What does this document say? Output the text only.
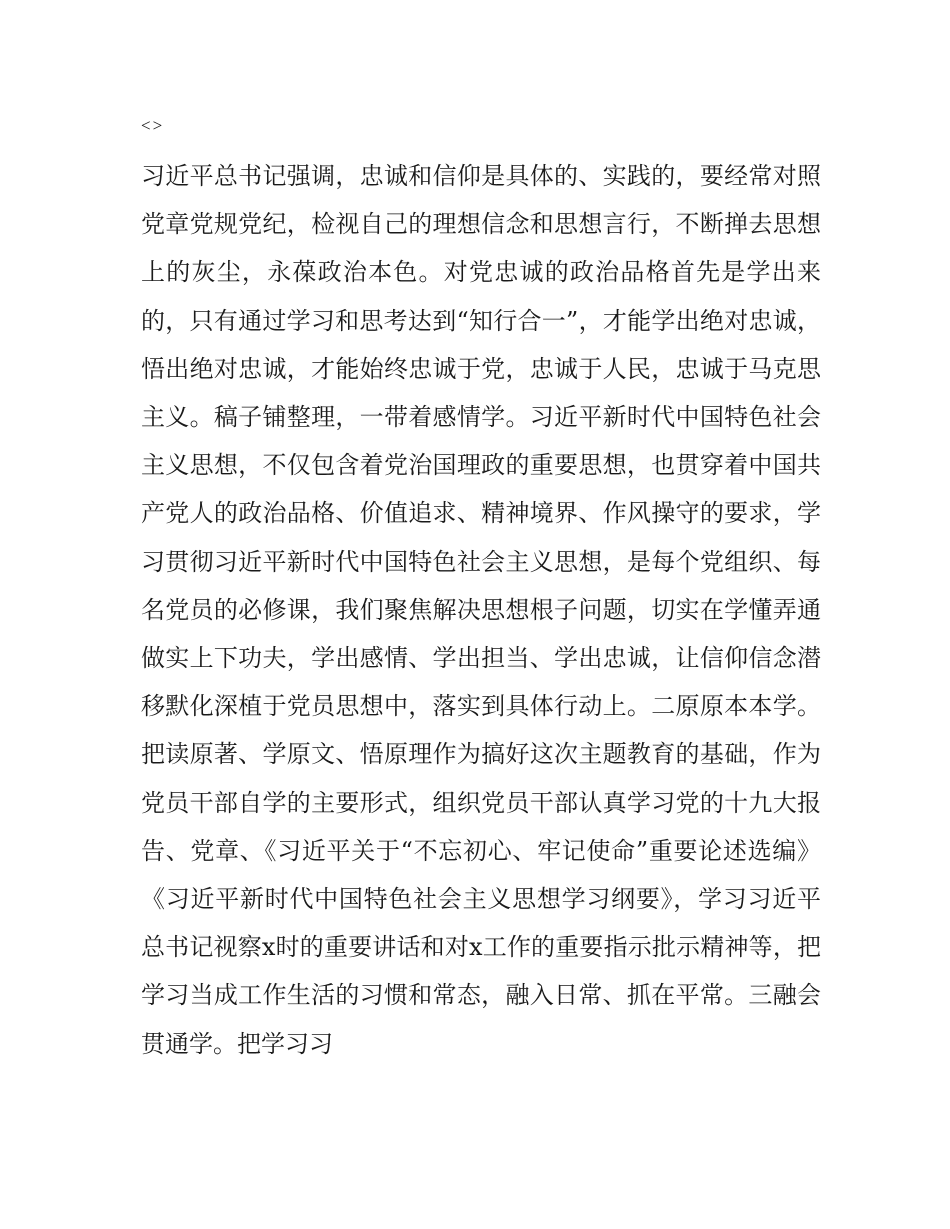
<>

习近平总书记强调，忠诚和信仰是具体的、实践的，要经常对照党章党规党纪，检视自己的理想信念和思想言行，不断掸去思想上的灰尘，永葆政治本色。对党忠诚的政治品格首先是学出来的，只有通过学习和思考达到“知行合一”，才能学出绝对忠诚，悟出绝对忠诚，才能始终忠诚于党，忠诚于人民，忠诚于马克思主义。稿子铺整理，一带着感情学。习近平新时代中国特色社会主义思想，不仅包含着党治国理政的重要思想，也贯穿着中国共产党人的政治品格、价值追求、精神境界、作风操守的要求，学习贯彻习近平新时代中国特色社会主义思想，是每个党组织、每名党员的必修课，我们聚焦解决思想根子问题，切实在学懂弄通做实上下功夫，学出感情、学出担当、学出忠诚，让信仰信念潜移默化深植于党员思想中，落实到具体行动上。二原原本本学。把读原著、学原文、悟原理作为搞好这次主题教育的基础，作为党员干部自学的主要形式，组织党员干部认真学习党的十九大报告、党章、《习近平关于“不忘初心、牢记使命”重要论述选编》《习近平新时代中国特色社会主义思想学习纲要》，学习习近平总书记视察x时的重要讲话和对x工作的重要指示批示精神等，把学习当成工作生活的习惯和常态，融入日常、抓在平常。三融会贯通学。把学习习
